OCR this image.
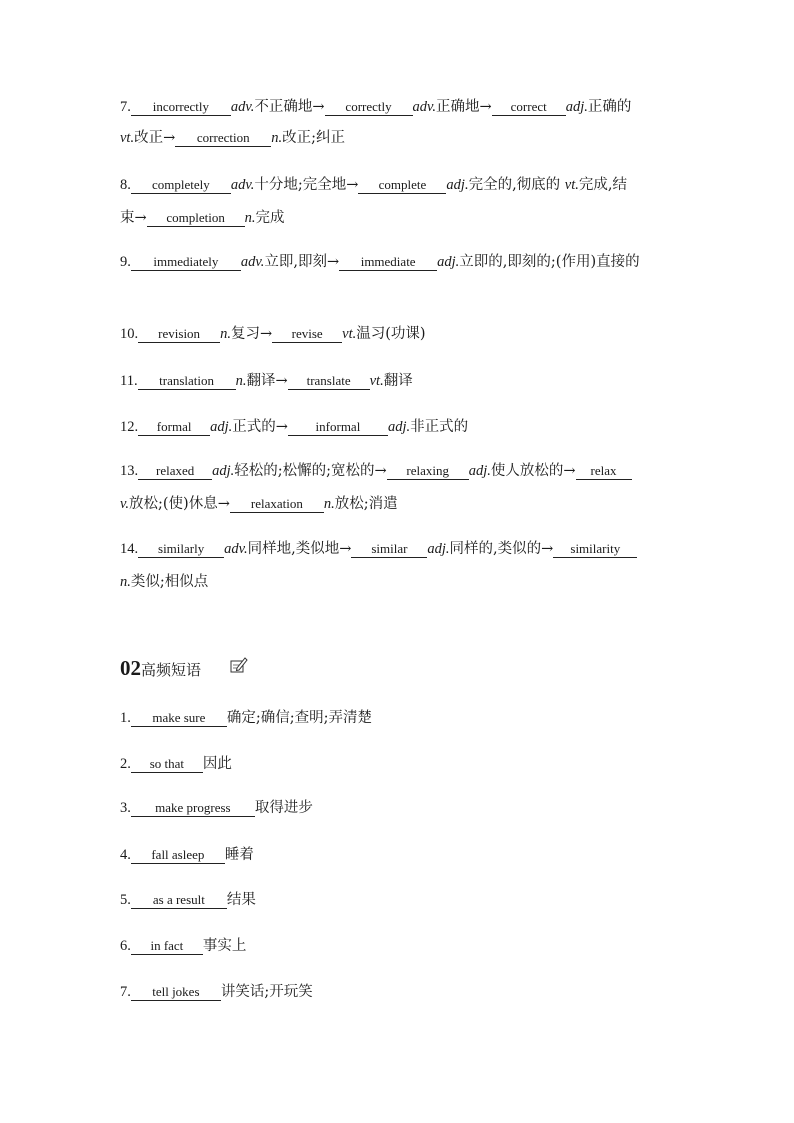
7. incorrectly adv.不正确地→ correctly adv.正确地→ correct adj.正确的
vt.改正→ correction n.改正;纠正
8. completely adv.十分地;完全地→ complete adj.完全的,彻底的 vt.完成,结
束→ completion n.完成
9. immediately adv.立即,即刻→ immediate adj.立即的,即刻的;(作用)直接的
10. revision n.复习→ revise vt.温习(功课)
11. translation n.翻译→ translate vt.翻译
12. formal adj.正式的→ informal adj.非正式的
13. relaxed adj.轻松的;松懈的;宽松的→ relaxing adj.使人放松的→ relax
v.放松;(使)休息→ relaxation n.放松;消遣
14. similarly adv.同样地,类似地→ similar adj.同样的,类似的→ similarity
n.类似;相似点
02高频短语
1. make sure 确定;确信;查明;弄清楚
2. so that 因此
3. make progress 取得进步
4. fall asleep 睡着
5. as a result 结果
6. in fact 事实上
7. tell jokes 讲笑话;开玩笑
